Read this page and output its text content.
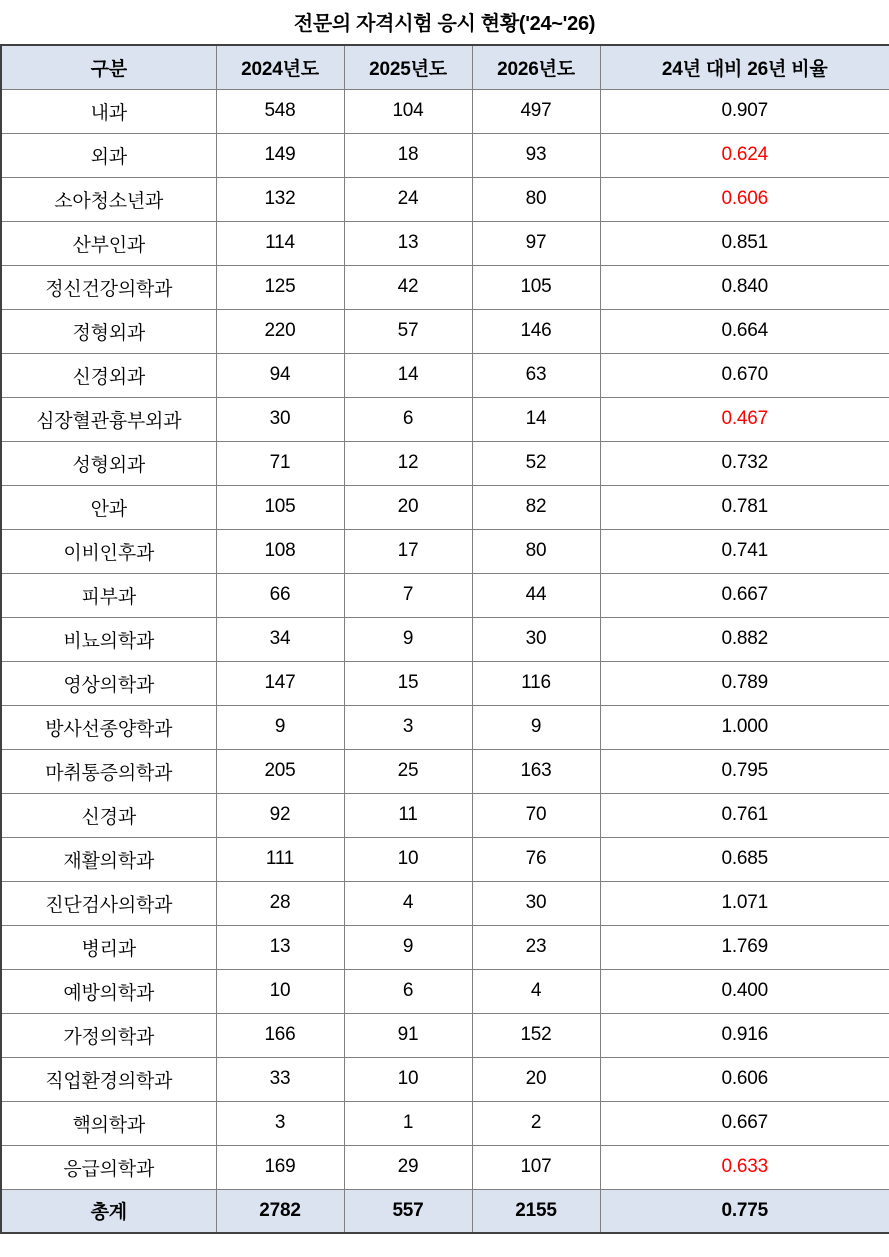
전문의 자격시험 응시 현황('24~'26)
구분	2024년도	2025년도	2026년도	24년 대비 26년 비율
내과	548	104	497	0.907
외과	149	18	93	0.624
소아청소년과	132	24	80	0.606
산부인과	114	13	97	0.851
정신건강의학과	125	42	105	0.840
정형외과	220	57	146	0.664
신경외과	94	14	63	0.670
심장혈관흉부외과	30	6	14	0.467
성형외과	71	12	52	0.732
안과	105	20	82	0.781
이비인후과	108	17	80	0.741
피부과	66	7	44	0.667
비뇨의학과	34	9	30	0.882
영상의학과	147	15	116	0.789
방사선종양학과	9	3	9	1.000
마취통증의학과	205	25	163	0.795
신경과	92	11	70	0.761
재활의학과	111	10	76	0.685
진단검사의학과	28	4	30	1.071
병리과	13	9	23	1.769
예방의학과	10	6	4	0.400
가정의학과	166	91	152	0.916
직업환경의학과	33	10	20	0.606
핵의학과	3	1	2	0.667
응급의학과	169	29	107	0.633
총계	2782	557	2155	0.775
